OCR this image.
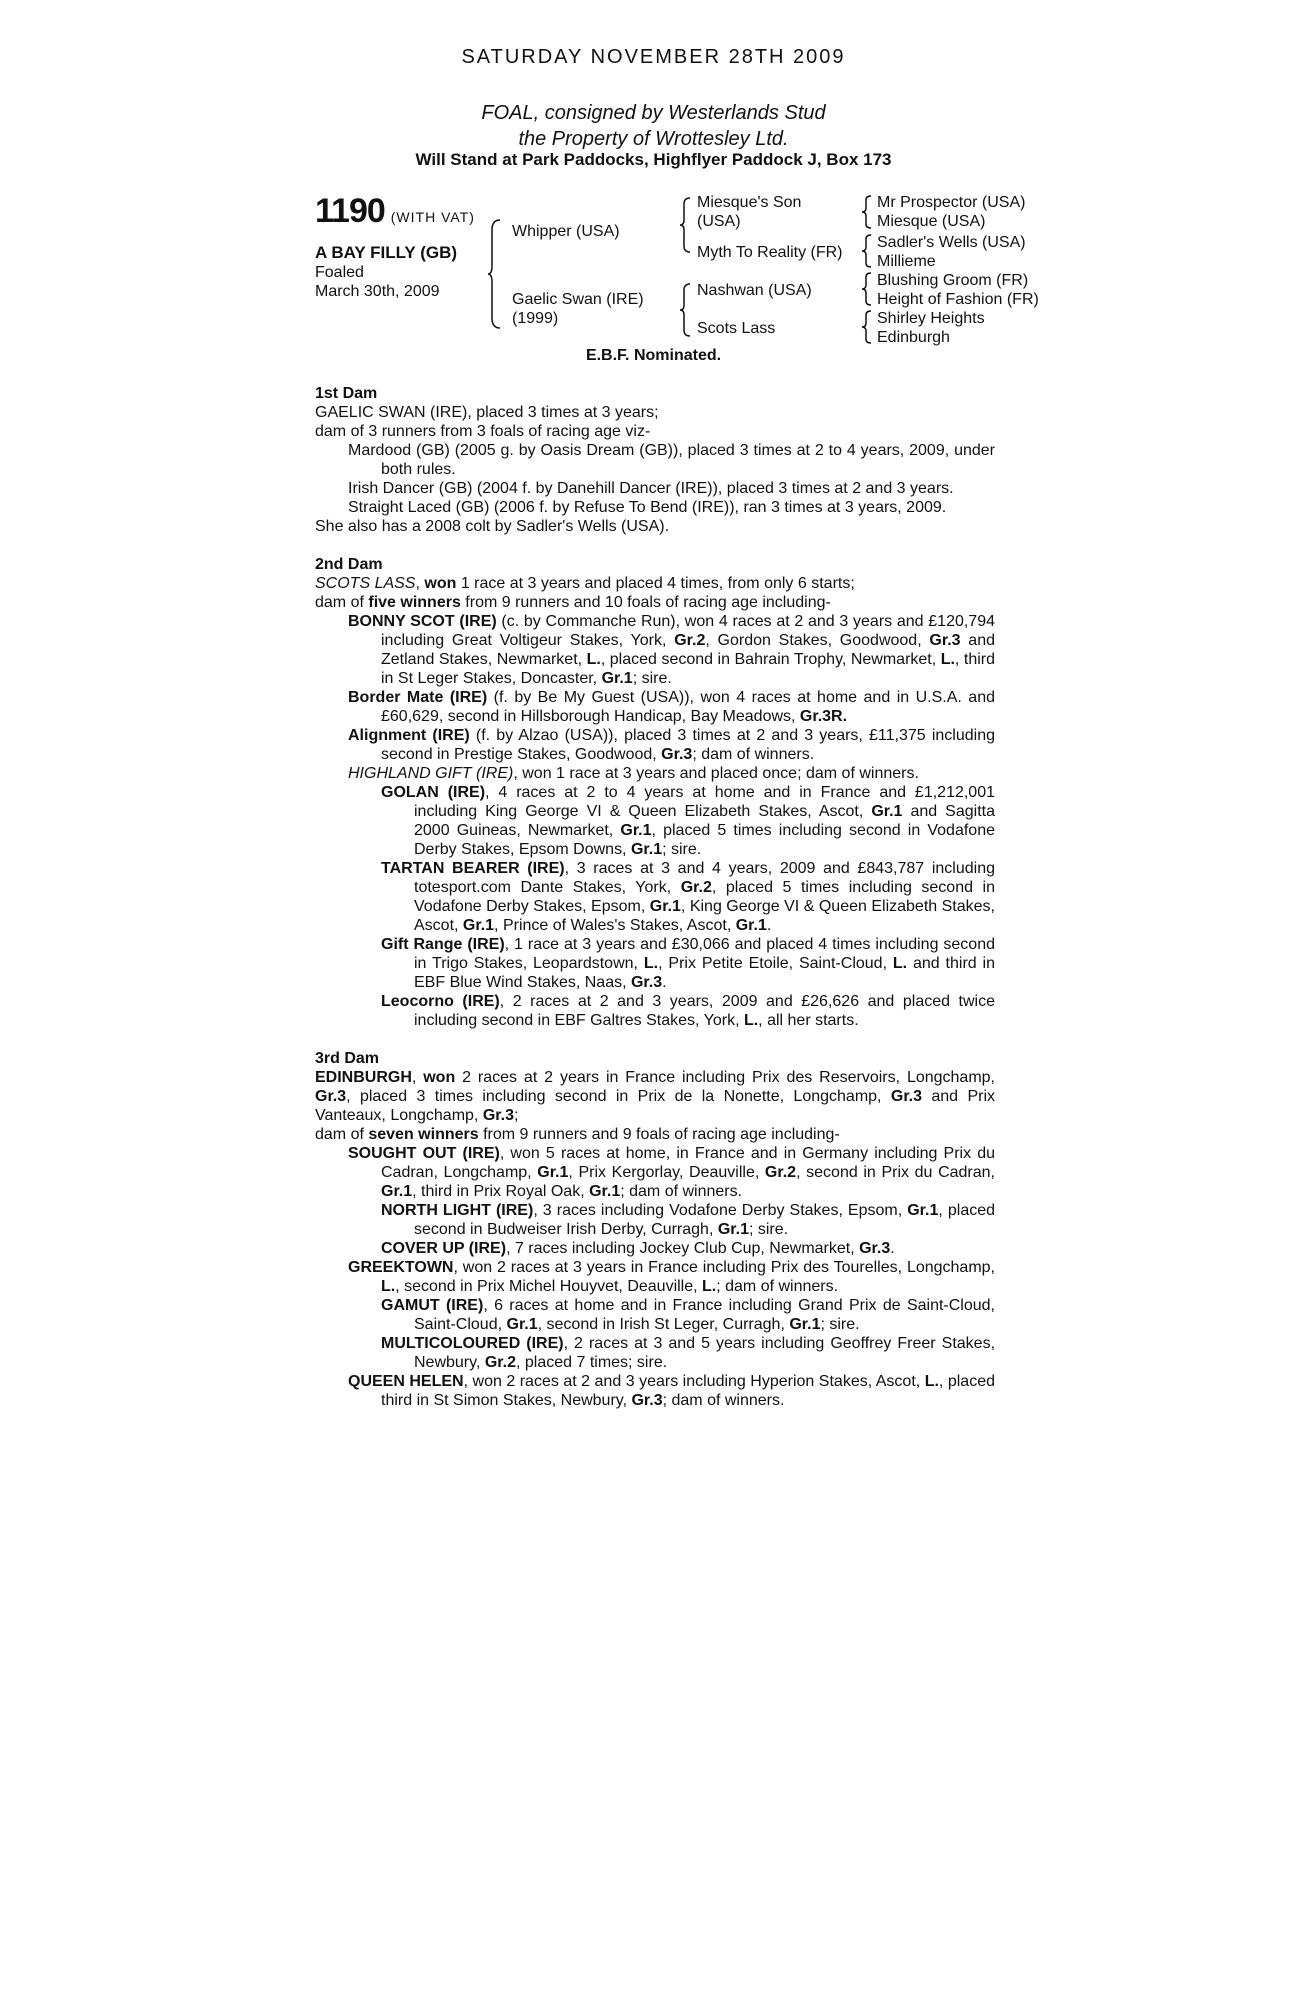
SATURDAY NOVEMBER 28TH 2009
FOAL, consigned by Westerlands Stud
the Property of Wrottesley Ltd.
Will Stand at Park Paddocks, Highflyer Paddock J, Box 173
1190 (WITH VAT)
A BAY FILLY (GB)
Foaled
March 30th, 2009
Whipper (USA)
Gaelic Swan (IRE)
(1999)
Miesque's Son
(USA)
Myth To Reality (FR)
Nashwan (USA)
Scots Lass
Mr Prospector (USA)
Miesque (USA)
Sadler's Wells (USA)
Millieme
Blushing Groom (FR)
Height of Fashion (FR)
Shirley Heights
Edinburgh
E.B.F. Nominated.
1st Dam
GAELIC SWAN (IRE), placed 3 times at 3 years;
dam of 3 runners from 3 foals of racing age viz-
Mardood (GB) (2005 g. by Oasis Dream (GB)), placed 3 times at 2 to 4 years, 2009, under both rules.
Irish Dancer (GB) (2004 f. by Danehill Dancer (IRE)), placed 3 times at 2 and 3 years.
Straight Laced (GB) (2006 f. by Refuse To Bend (IRE)), ran 3 times at 3 years, 2009.
She also has a 2008 colt by Sadler's Wells (USA).
2nd Dam
SCOTS LASS, won 1 race at 3 years and placed 4 times, from only 6 starts;
dam of five winners from 9 runners and 10 foals of racing age including-
BONNY SCOT (IRE) (c. by Commanche Run), won 4 races at 2 and 3 years and £120,794 including Great Voltigeur Stakes, York, Gr.2, Gordon Stakes, Goodwood, Gr.3 and Zetland Stakes, Newmarket, L., placed second in Bahrain Trophy, Newmarket, L., third in St Leger Stakes, Doncaster, Gr.1; sire.
Border Mate (IRE) (f. by Be My Guest (USA)), won 4 races at home and in U.S.A. and £60,629, second in Hillsborough Handicap, Bay Meadows, Gr.3R.
Alignment (IRE) (f. by Alzao (USA)), placed 3 times at 2 and 3 years, £11,375 including second in Prestige Stakes, Goodwood, Gr.3; dam of winners.
HIGHLAND GIFT (IRE), won 1 race at 3 years and placed once; dam of winners.
GOLAN (IRE), 4 races at 2 to 4 years at home and in France and £1,212,001 including King George VI & Queen Elizabeth Stakes, Ascot, Gr.1 and Sagitta 2000 Guineas, Newmarket, Gr.1, placed 5 times including second in Vodafone Derby Stakes, Epsom Downs, Gr.1; sire.
TARTAN BEARER (IRE), 3 races at 3 and 4 years, 2009 and £843,787 including totesport.com Dante Stakes, York, Gr.2, placed 5 times including second in Vodafone Derby Stakes, Epsom, Gr.1, King George VI & Queen Elizabeth Stakes, Ascot, Gr.1, Prince of Wales's Stakes, Ascot, Gr.1.
Gift Range (IRE), 1 race at 3 years and £30,066 and placed 4 times including second in Trigo Stakes, Leopardstown, L., Prix Petite Etoile, Saint-Cloud, L. and third in EBF Blue Wind Stakes, Naas, Gr.3.
Leocorno (IRE), 2 races at 2 and 3 years, 2009 and £26,626 and placed twice including second in EBF Galtres Stakes, York, L., all her starts.
3rd Dam
EDINBURGH, won 2 races at 2 years in France including Prix des Reservoirs, Longchamp, Gr.3, placed 3 times including second in Prix de la Nonette, Longchamp, Gr.3 and Prix Vanteaux, Longchamp, Gr.3;
dam of seven winners from 9 runners and 9 foals of racing age including-
SOUGHT OUT (IRE), won 5 races at home, in France and in Germany including Prix du Cadran, Longchamp, Gr.1, Prix Kergorlay, Deauville, Gr.2, second in Prix du Cadran, Gr.1, third in Prix Royal Oak, Gr.1; dam of winners.
NORTH LIGHT (IRE), 3 races including Vodafone Derby Stakes, Epsom, Gr.1, placed second in Budweiser Irish Derby, Curragh, Gr.1; sire.
COVER UP (IRE), 7 races including Jockey Club Cup, Newmarket, Gr.3.
GREEKTOWN, won 2 races at 3 years in France including Prix des Tourelles, Longchamp, L., second in Prix Michel Houyvet, Deauville, L.; dam of winners.
GAMUT (IRE), 6 races at home and in France including Grand Prix de Saint-Cloud, Saint-Cloud, Gr.1, second in Irish St Leger, Curragh, Gr.1; sire.
MULTICOLOURED (IRE), 2 races at 3 and 5 years including Geoffrey Freer Stakes, Newbury, Gr.2, placed 7 times; sire.
QUEEN HELEN, won 2 races at 2 and 3 years including Hyperion Stakes, Ascot, L., placed third in St Simon Stakes, Newbury, Gr.3; dam of winners.
